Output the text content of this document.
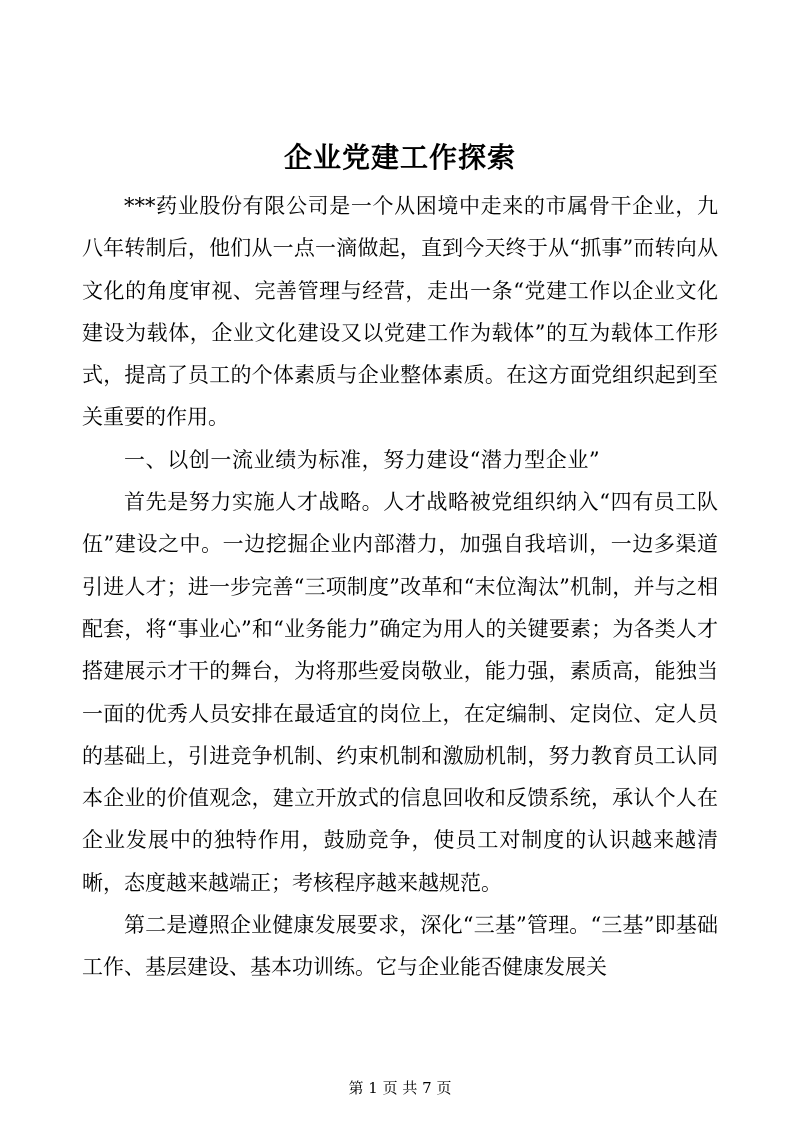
企业党建工作探索

***药业股份有限公司是一个从困境中走来的市属骨干企业，九八年转制后，他们从一点一滴做起，直到今天终于从“抓事”而转向从文化的角度审视、完善管理与经营，走出一条“党建工作以企业文化建设为载体，企业文化建设又以党建工作为载体”的互为载体工作形式，提高了员工的个体素质与企业整体素质。在这方面党组织起到至关重要的作用。

一、以创一流业绩为标准，努力建设“潜力型企业”

首先是努力实施人才战略。人才战略被党组织纳入“四有员工队伍”建设之中。一边挖掘企业内部潜力，加强自我培训，一边多渠道引进人才；进一步完善“三项制度”改革和“末位淘汰”机制，并与之相配套，将“事业心”和“业务能力”确定为用人的关键要素；为各类人才搭建展示才干的舞台，为将那些爱岗敬业，能力强，素质高，能独当一面的优秀人员安排在最适宜的岗位上，在定编制、定岗位、定人员的基础上，引进竞争机制、约束机制和激励机制，努力教育员工认同本企业的价值观念，建立开放式的信息回收和反馈系统，承认个人在企业发展中的独特作用，鼓励竞争，使员工对制度的认识越来越清晰，态度越来越端正；考核程序越来越规范。

第二是遵照企业健康发展要求，深化“三基”管理。“三基”即基础工作、基层建设、基本功训练。它与企业能否健康发展关

第 1 页 共 7 页
